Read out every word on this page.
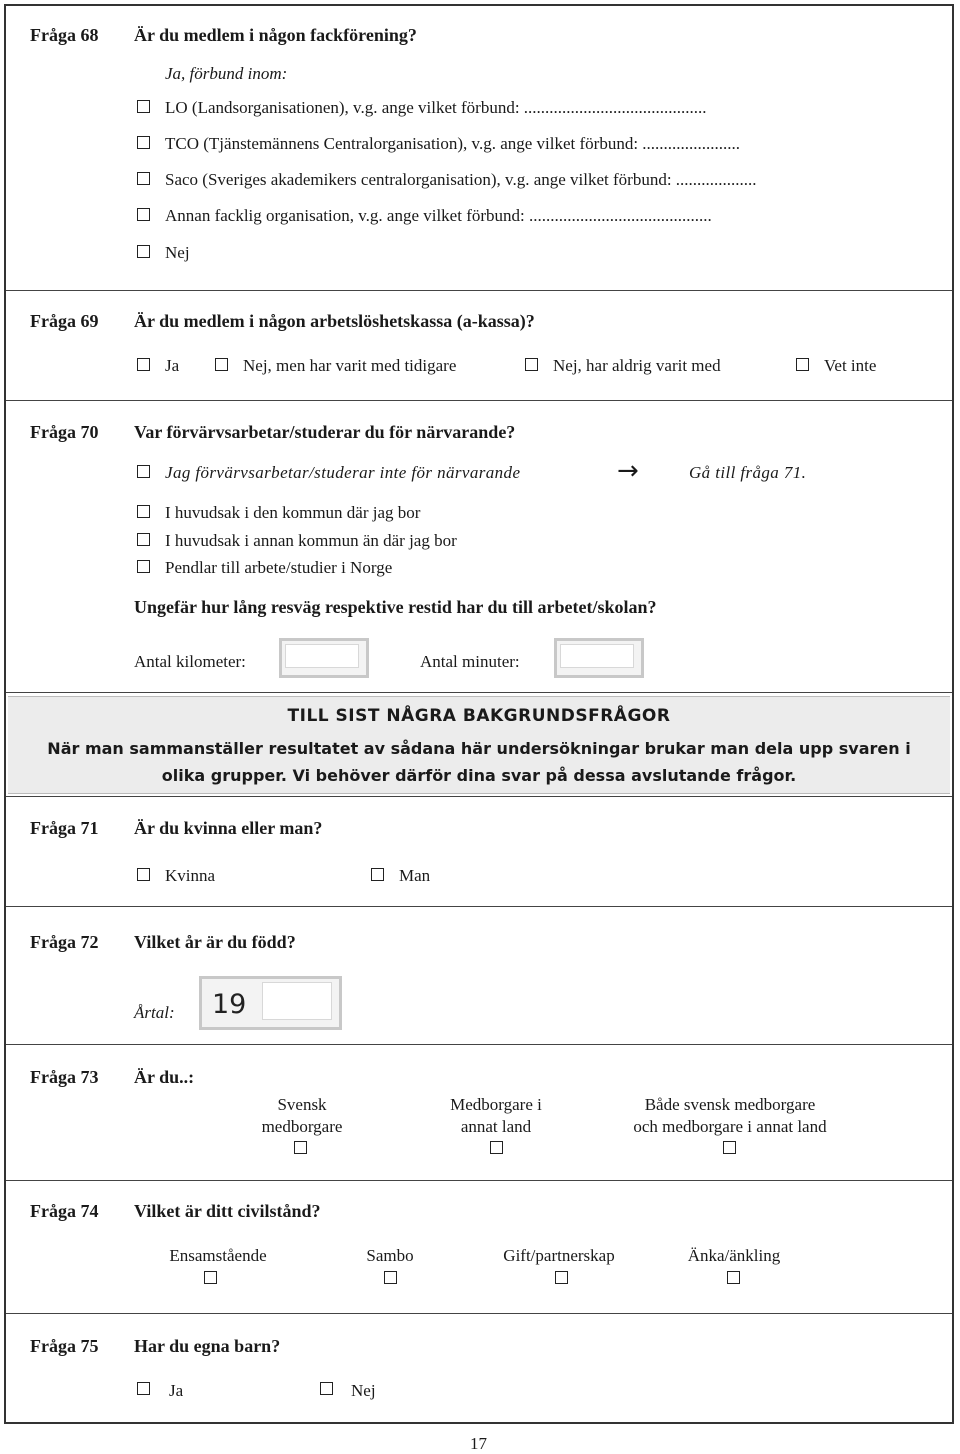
Fråga 68 Är du medlem i någon fackförening?
Ja, förbund inom:
LO (Landsorganisationen), v.g. ange vilket förbund: ...........................................
TCO (Tjänstemännens Centralorganisation), v.g. ange vilket förbund: .......................
Saco (Sveriges akademikers centralorganisation), v.g. ange vilket förbund: ...................
Annan facklig organisation, v.g. ange vilket förbund: ...........................................
Nej
Fråga 69 Är du medlem i någon arbetslöshetskassa (a-kassa)?
Ja	Nej, men har varit med tidigare	Nej, har aldrig varit med	Vet inte
Fråga 70 Var förvärvsarbetar/studerar du för närvarande?
Jag förvärvsarbetar/studerar inte för närvarande	→	Gå till fråga 71.
I huvudsak i den kommun där jag bor
I huvudsak i annan kommun än där jag bor
Pendlar till arbete/studier i Norge
Ungefär hur lång resväg respektive restid har du till arbetet/skolan?
Antal kilometer:	Antal minuter:
TILL SIST NÅGRA BAKGRUNDSFRÅGOR
När man sammanställer resultatet av sådana här undersökningar brukar man dela upp svaren i olika grupper. Vi behöver därför dina svar på dessa avslutande frågor.
Fråga 71 Är du kvinna eller man?
Kvinna	Man
Fråga 72 Vilket år är du född?
Årtal: 19
Fråga 73 Är du..:
Svensk
medborgare
Medborgare i
annat land
Både svensk medborgare
och medborgare i annat land
Fråga 74 Vilket är ditt civilstånd?
Ensamstående	Sambo	Gift/partnerskap	Änka/änkling
Fråga 75 Har du egna barn?
Ja	Nej
17
